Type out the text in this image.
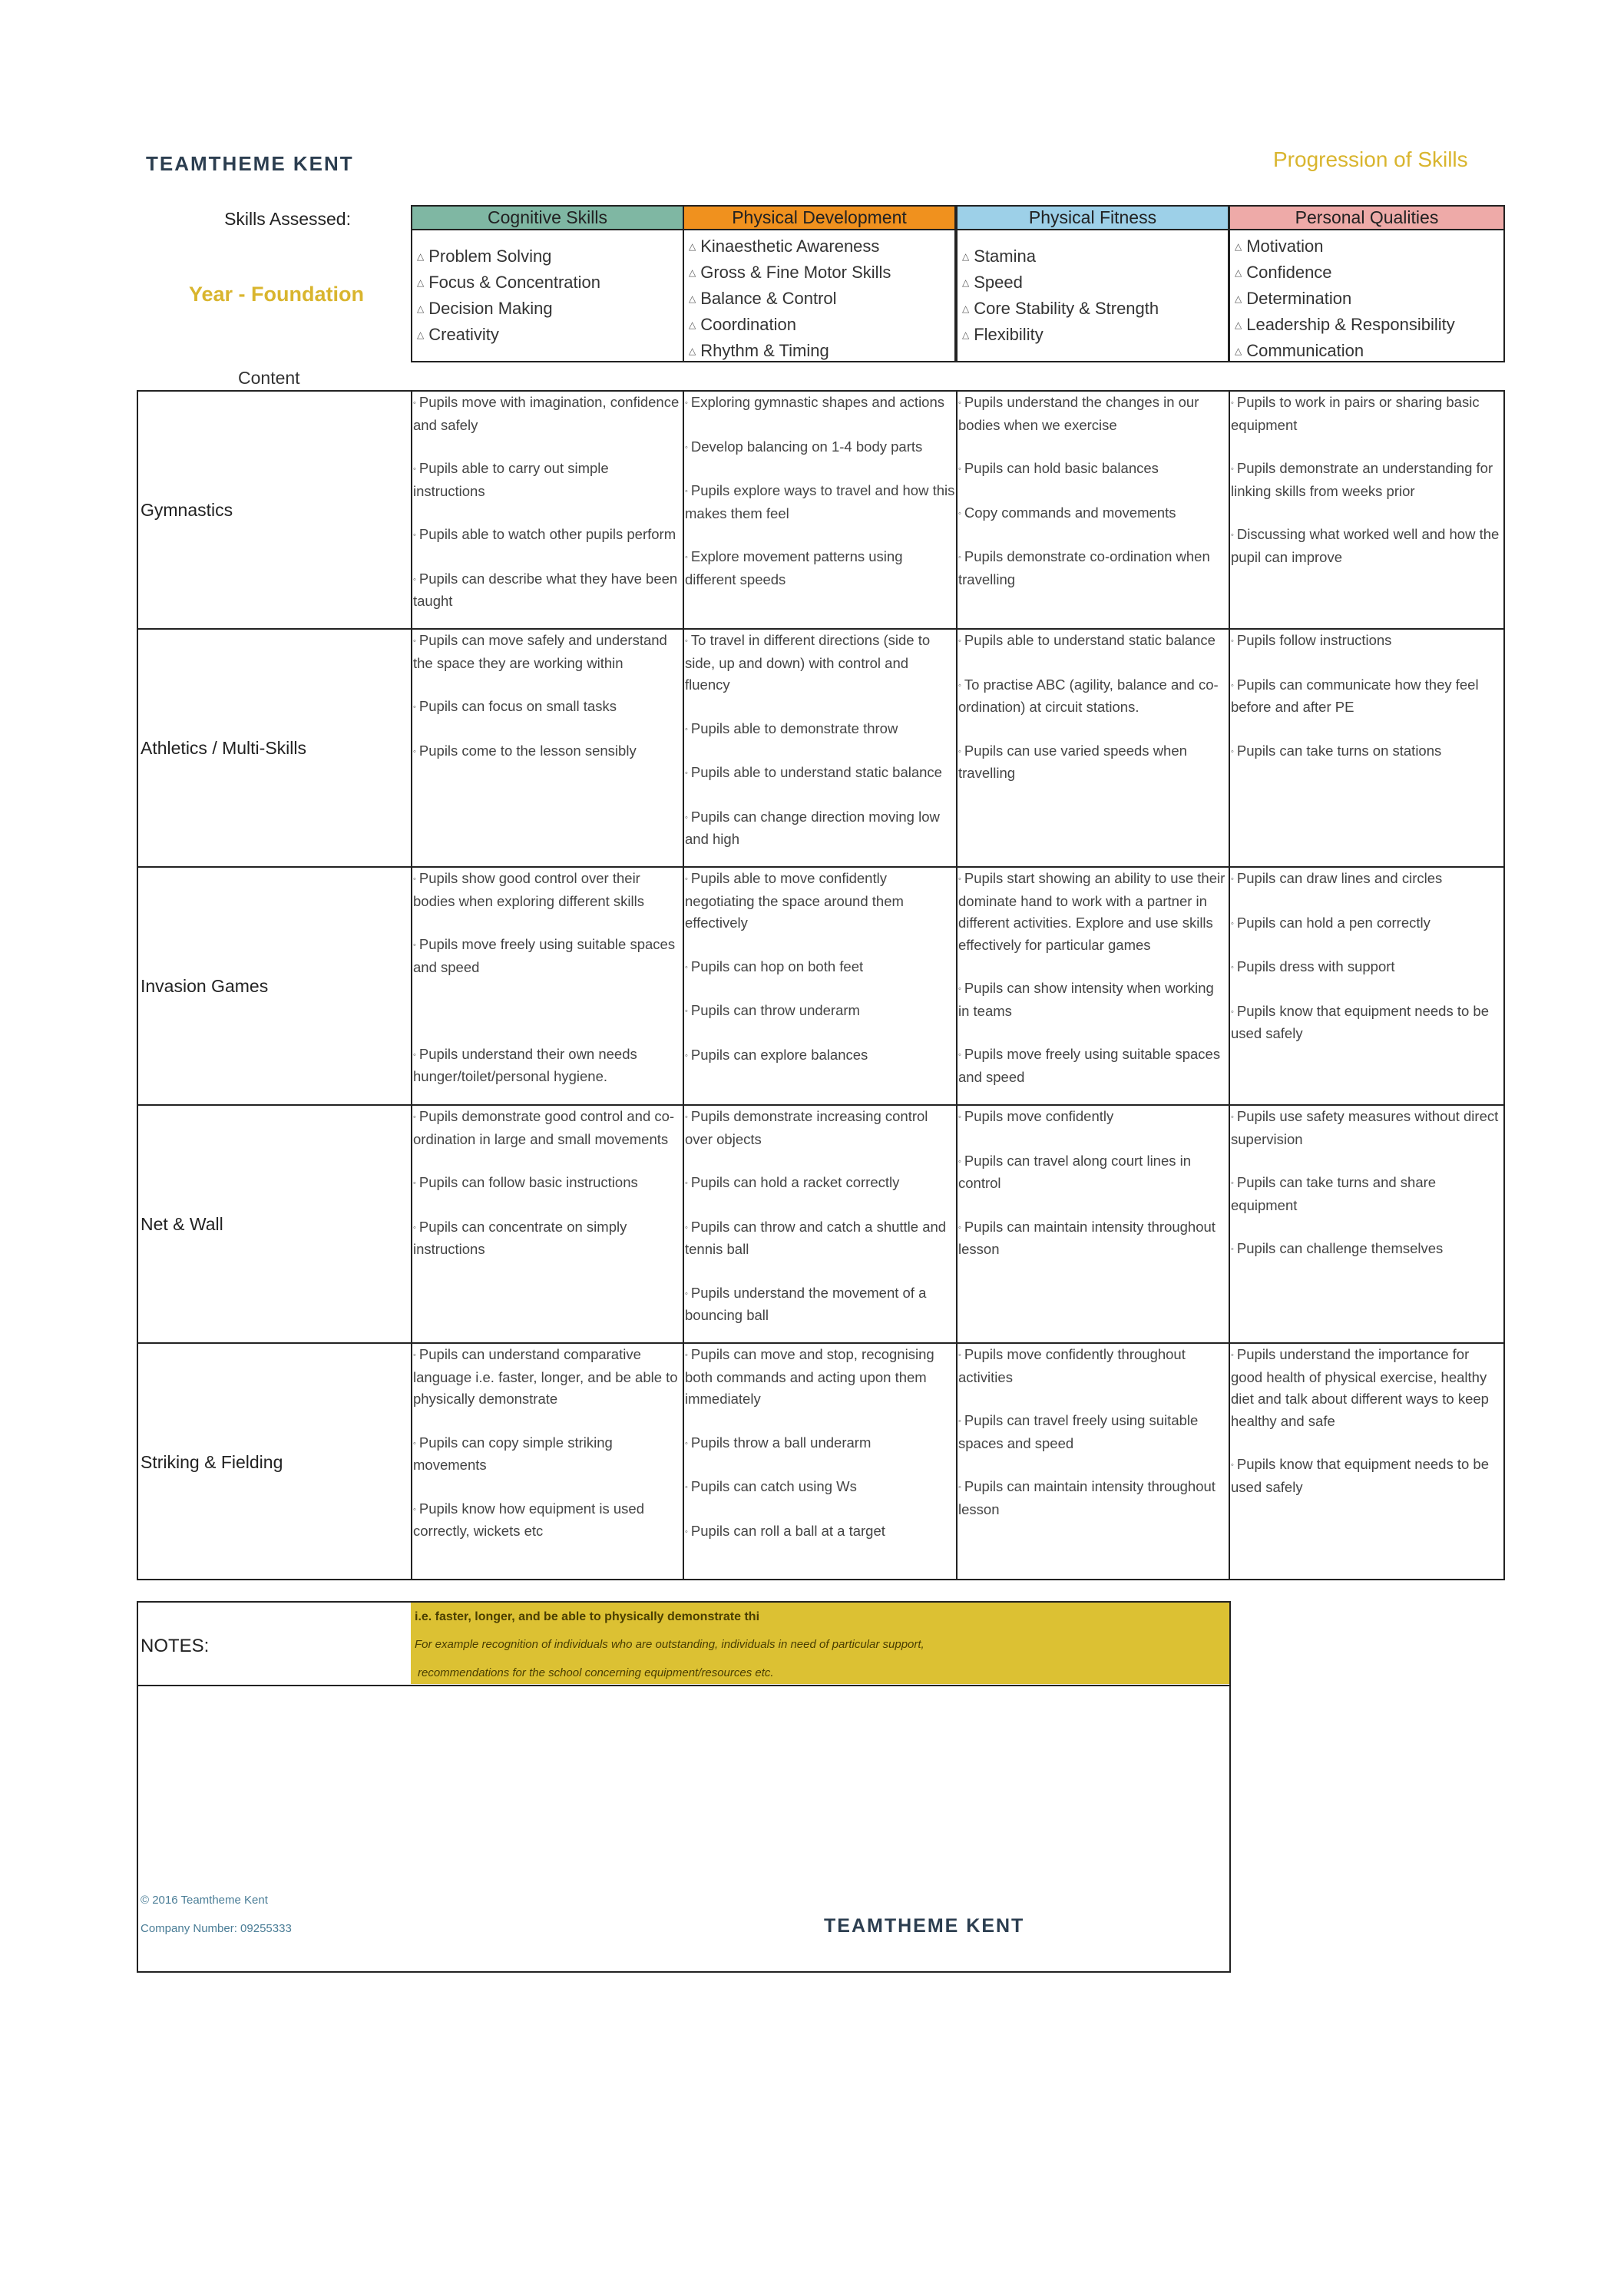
TEAMTHEME KENT	Progression of Skills
Skills Assessed:
Year - Foundation
Content
Cognitive Skills
△ Problem Solving
△ Focus & Concentration
△ Decision Making
△ Creativity
Physical Development
△ Kinaesthetic Awareness
△ Gross & Fine Motor Skills
△ Balance & Control
△ Coordination
△ Rhythm & Timing
Physical Fitness
△ Stamina
△ Speed
△ Core Stability & Strength
△ Flexibility
Personal Qualities
△ Motivation
△ Confidence
△ Determination
△ Leadership & Responsibility
△ Communication
Gymnastics

◦ Pupils move with imagination, confidence and safely

◦ Pupils able to carry out simple instructions

◦ Pupils able to watch other pupils perform

◦ Pupils can describe what they have been taught

◦ Exploring gymnastic shapes and actions

◦ Develop balancing on 1-4 body parts

◦ Pupils explore ways to travel and how this makes them feel

◦ Explore movement patterns using different speeds

◦ Pupils understand the changes in our bodies when we exercise

◦ Pupils can hold basic balances

◦ Copy commands and movements

◦ Pupils demonstrate co-ordination when travelling

◦ Pupils to work in pairs or sharing basic equipment

◦ Pupils demonstrate an understanding for linking skills from weeks prior

◦ Discussing what worked well and how the pupil can improve

Athletics / Multi-Skills

◦ Pupils can move safely and understand the space they are working within

◦ Pupils can focus on small tasks

◦ Pupils come to the lesson sensibly

◦ To travel in different directions (side to side, up and down) with control and fluency

◦ Pupils able to demonstrate throw

◦ Pupils able to understand static balance

◦ Pupils can change direction moving low and high

◦ Pupils able to understand static balance

◦ To practise ABC (agility, balance and co- ordination) at circuit stations.

◦ Pupils can use varied speeds when travelling

◦ Pupils follow instructions

◦ Pupils can communicate how they feel before and after PE

◦ Pupils can take turns on stations

Invasion Games

◦ Pupils show good control over their bodies when exploring different skills

◦ Pupils move freely using suitable spaces and speed

◦ Pupils understand their own needs hunger/toilet/personal hygiene.

◦ Pupils able to move confidently negotiating the space around them effectively

◦ Pupils can hop on both feet

◦ Pupils can throw underarm

◦ Pupils can explore balances

◦ Pupils start showing an ability to use their dominate hand to work with a partner in different activities. Explore and use skills effectively for particular games

◦ Pupils can show intensity when working in teams

◦ Pupils move freely using suitable spaces and speed

◦ Pupils can draw lines and circles

◦ Pupils can hold a pen correctly

◦ Pupils dress with support

◦ Pupils know that equipment needs to be used safely

Net & Wall

◦ Pupils demonstrate good control and co-ordination in large and small movements

◦ Pupils can follow basic instructions

◦ Pupils can concentrate on simply instructions

◦ Pupils demonstrate increasing control over objects

◦ Pupils can hold a racket correctly

◦ Pupils can throw and catch a shuttle and tennis ball

◦ Pupils understand the movement of a bouncing ball

◦ Pupils move confidently

◦ Pupils can travel along court lines in control

◦ Pupils can maintain intensity throughout lesson

◦ Pupils use safety measures without direct supervision

◦ Pupils can take turns and share equipment

◦ Pupils can challenge themselves

Striking & Fielding

◦ Pupils can understand comparative language i.e. faster, longer, and be able to physically demonstrate

◦ Pupils can copy simple striking movements

◦ Pupils know how equipment is used correctly, wickets etc

◦ Pupils can move and stop, recognising both commands and acting upon them immediately

◦ Pupils throw a ball underarm

◦ Pupils can catch using Ws

◦ Pupils can roll a ball at a target

◦ Pupils move confidently throughout activities

◦ Pupils can travel freely using suitable spaces and speed

◦ Pupils can maintain intensity throughout lesson

◦ Pupils understand the importance for good health of physical exercise, healthy diet and talk about different ways to keep healthy and safe

◦ Pupils know that equipment needs to be used safely

NOTES:
i.e. faster, longer, and be able to physically demonstrate thi
For example recognition of individuals who are outstanding, individuals in need of particular support,
recommendations for the school concerning equipment/resources etc.
© 2016 Teamtheme Kent
Company Number: 09255333	TEAMTHEME KENT
